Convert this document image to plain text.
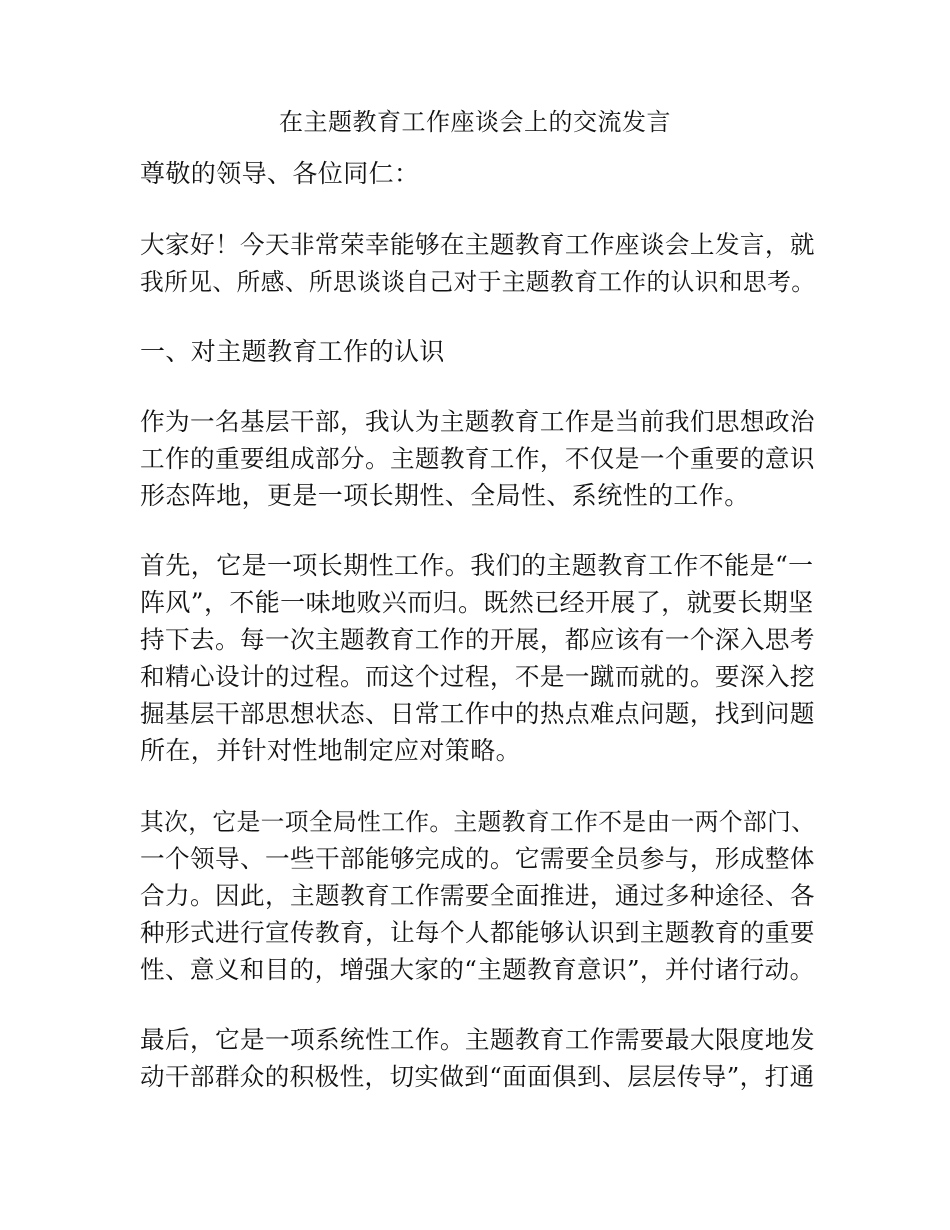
在主题教育工作座谈会上的交流发言
尊敬的领导、各位同仁：
大家好！今天非常荣幸能够在主题教育工作座谈会上发言，就
我所见、所感、所思谈谈自己对于主题教育工作的认识和思考。
一、对主题教育工作的认识
作为一名基层干部，我认为主题教育工作是当前我们思想政治
工作的重要组成部分。主题教育工作，不仅是一个重要的意识
形态阵地，更是一项长期性、全局性、系统性的工作。
首先，它是一项长期性工作。我们的主题教育工作不能是“一
阵风”，不能一味地败兴而归。既然已经开展了，就要长期坚
持下去。每一次主题教育工作的开展，都应该有一个深入思考
和精心设计的过程。而这个过程，不是一蹴而就的。要深入挖
掘基层干部思想状态、日常工作中的热点难点问题，找到问题
所在，并针对性地制定应对策略。
其次，它是一项全局性工作。主题教育工作不是由一两个部门、
一个领导、一些干部能够完成的。它需要全员参与，形成整体
合力。因此，主题教育工作需要全面推进，通过多种途径、各
种形式进行宣传教育，让每个人都能够认识到主题教育的重要
性、意义和目的，增强大家的“主题教育意识”，并付诸行动。
最后，它是一项系统性工作。主题教育工作需要最大限度地发
动干部群众的积极性，切实做到“面面俱到、层层传导”，打通
